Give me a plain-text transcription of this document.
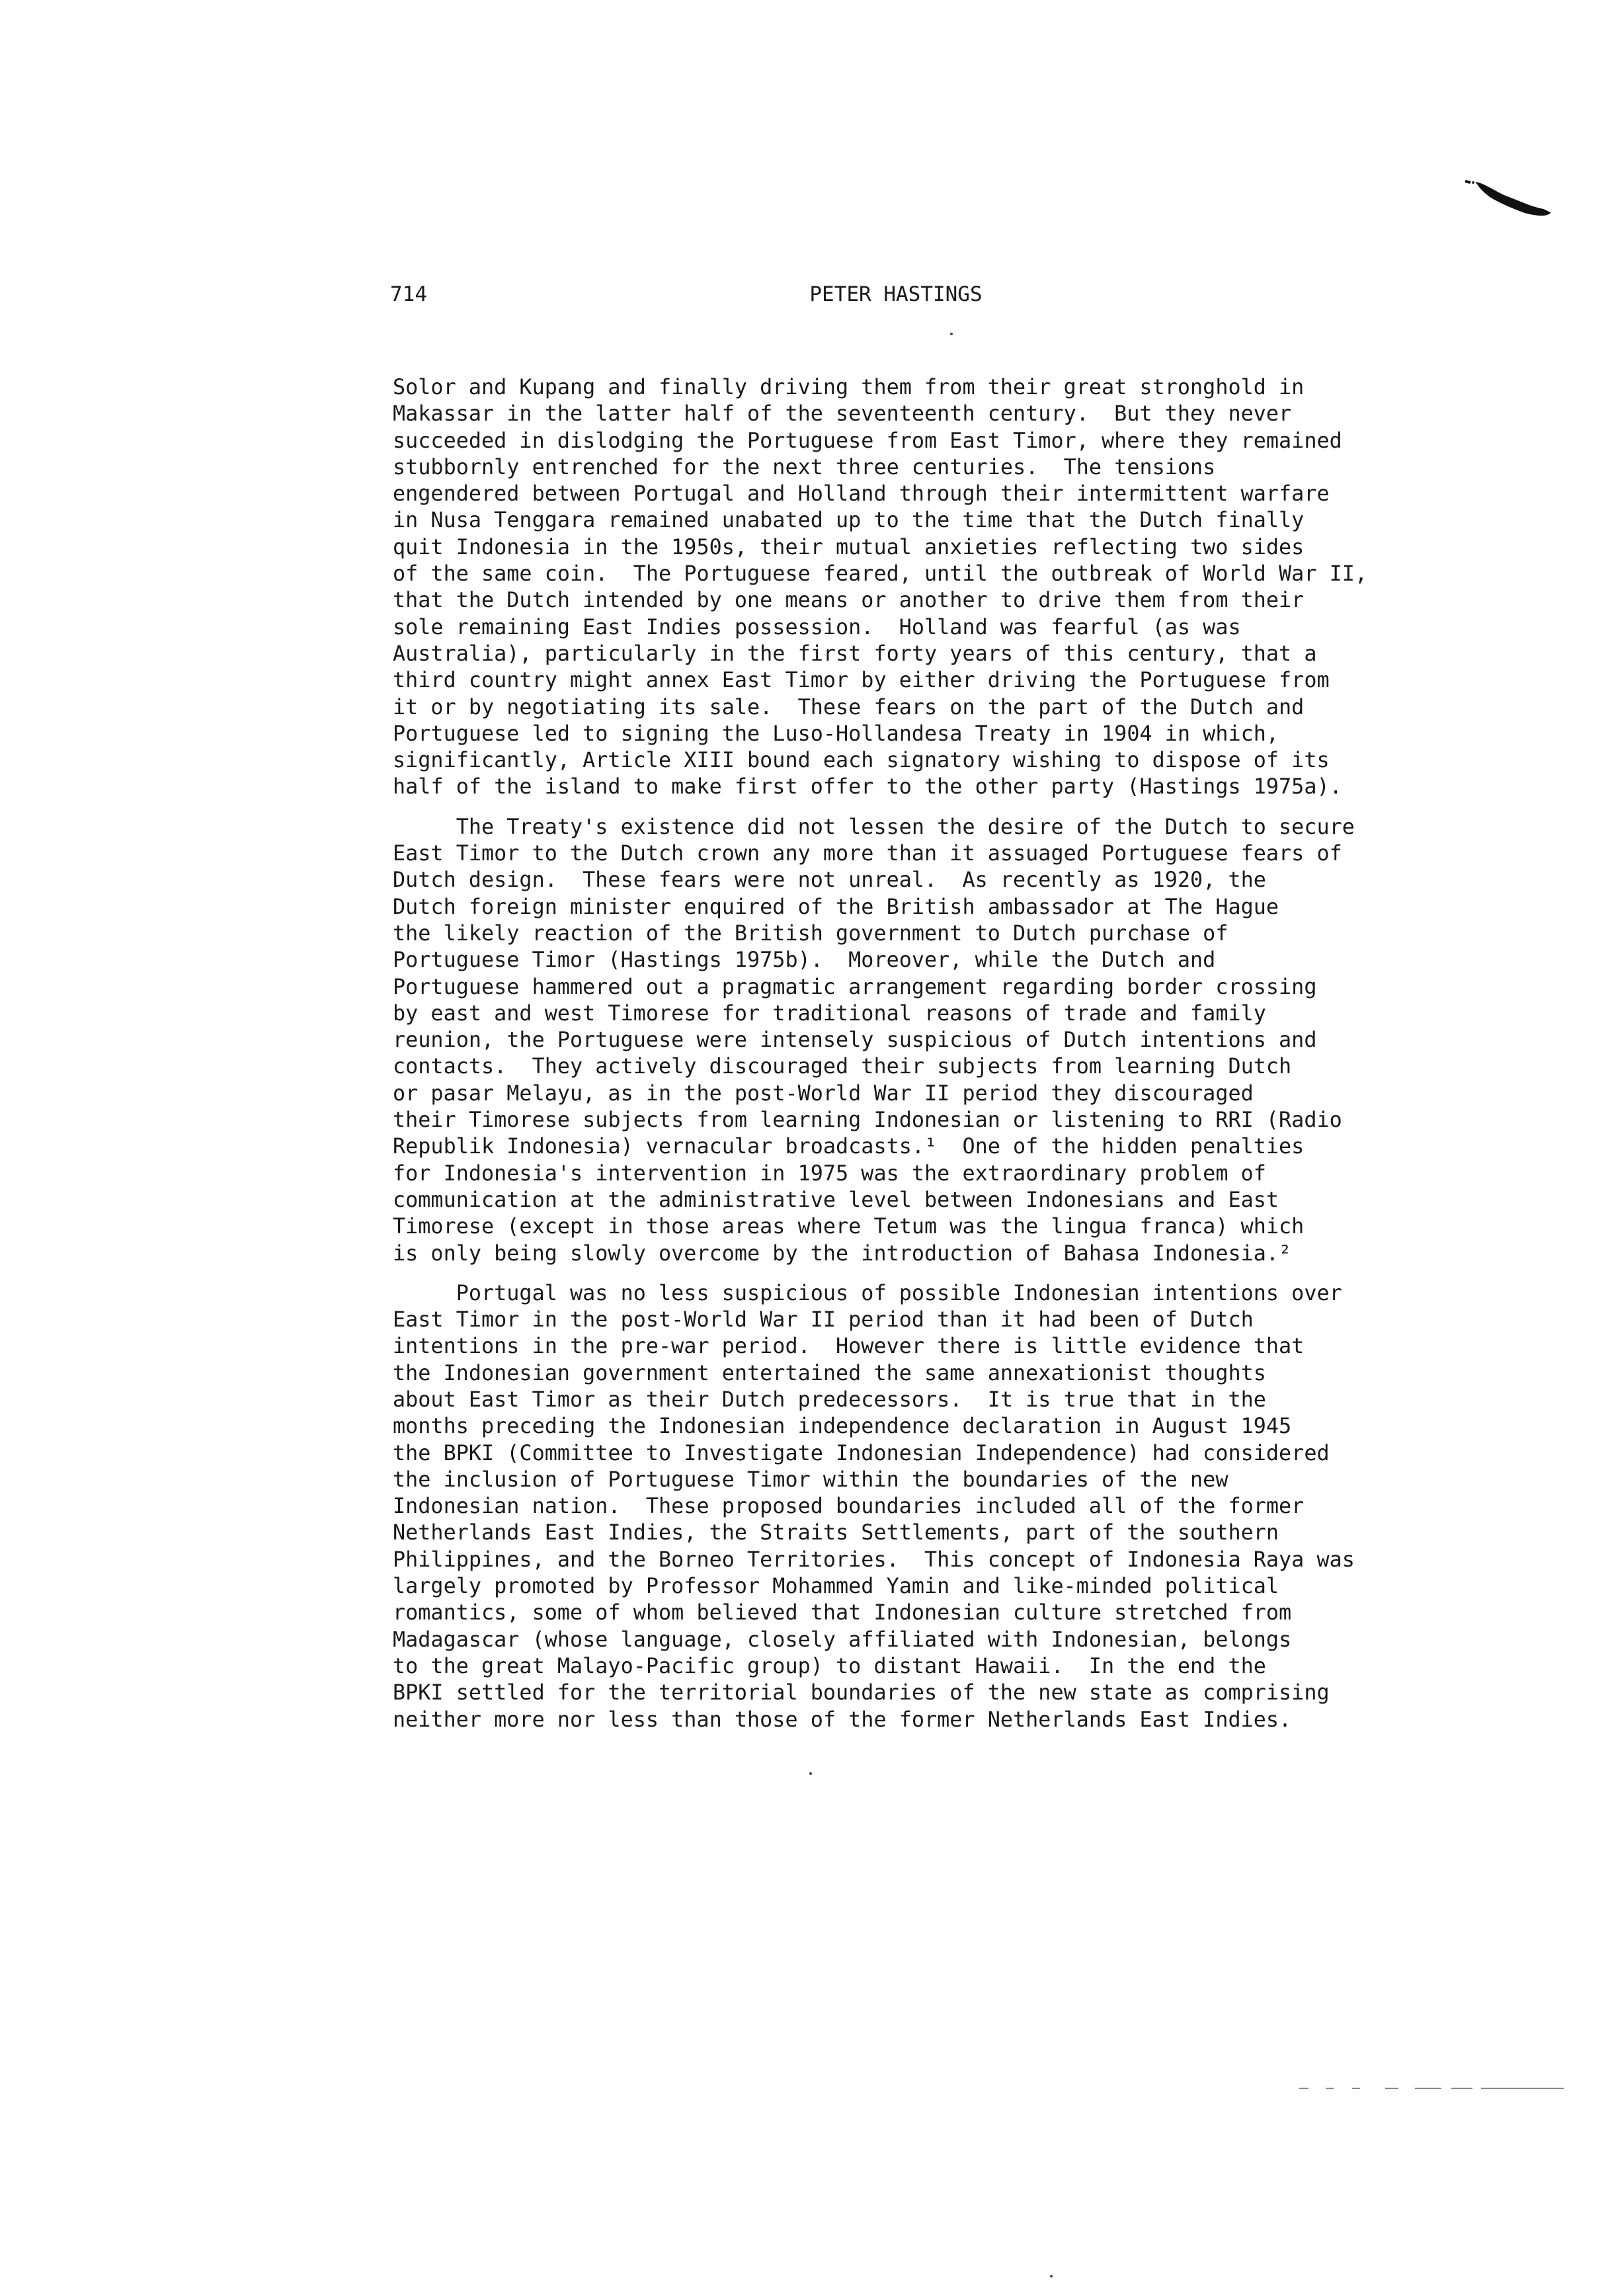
714	PETER HASTINGS
Solor and Kupang and finally driving them from their great stronghold in
Makassar in the latter half of the seventeenth century.  But they never
succeeded in dislodging the Portuguese from East Timor, where they remained
stubbornly entrenched for the next three centuries.  The tensions
engendered between Portugal and Holland through their intermittent warfare
in Nusa Tenggara remained unabated up to the time that the Dutch finally
quit Indonesia in the 1950s, their mutual anxieties reflecting two sides
of the same coin.  The Portuguese feared, until the outbreak of World War II,
that the Dutch intended by one means or another to drive them from their
sole remaining East Indies possession.  Holland was fearful (as was
Australia), particularly in the first forty years of this century, that a
third country might annex East Timor by either driving the Portuguese from
it or by negotiating its sale.  These fears on the part of the Dutch and
Portuguese led to signing the Luso-Hollandesa Treaty in 1904 in which,
significantly, Article XIII bound each signatory wishing to dispose of its
half of the island to make first offer to the other party (Hastings 1975a).
The Treaty's existence did not lessen the desire of the Dutch to secure
East Timor to the Dutch crown any more than it assuaged Portuguese fears of
Dutch design.  These fears were not unreal.  As recently as 1920, the
Dutch foreign minister enquired of the British ambassador at The Hague
the likely reaction of the British government to Dutch purchase of
Portuguese Timor (Hastings 1975b).  Moreover, while the Dutch and
Portuguese hammered out a pragmatic arrangement regarding border crossing
by east and west Timorese for traditional reasons of trade and family
reunion, the Portuguese were intensely suspicious of Dutch intentions and
contacts.  They actively discouraged their subjects from learning Dutch
or pasar Melayu, as in the post-World War II period they discouraged
their Timorese subjects from learning Indonesian or listening to RRI (Radio
Republik Indonesia) vernacular broadcasts.¹  One of the hidden penalties
for Indonesia's intervention in 1975 was the extraordinary problem of
communication at the administrative level between Indonesians and East
Timorese (except in those areas where Tetum was the lingua franca) which
is only being slowly overcome by the introduction of Bahasa Indonesia.²
Portugal was no less suspicious of possible Indonesian intentions over
East Timor in the post-World War II period than it had been of Dutch
intentions in the pre-war period.  However there is little evidence that
the Indonesian government entertained the same annexationist thoughts
about East Timor as their Dutch predecessors.  It is true that in the
months preceding the Indonesian independence declaration in August 1945
the BPKI (Committee to Investigate Indonesian Independence) had considered
the inclusion of Portuguese Timor within the boundaries of the new
Indonesian nation.  These proposed boundaries included all of the former
Netherlands East Indies, the Straits Settlements, part of the southern
Philippines, and the Borneo Territories.  This concept of Indonesia Raya was
largely promoted by Professor Mohammed Yamin and like-minded political
romantics, some of whom believed that Indonesian culture stretched from
Madagascar (whose language, closely affiliated with Indonesian, belongs
to the great Malayo-Pacific group) to distant Hawaii.  In the end the
BPKI settled for the territorial boundaries of the new state as comprising
neither more nor less than those of the former Netherlands East Indies.
